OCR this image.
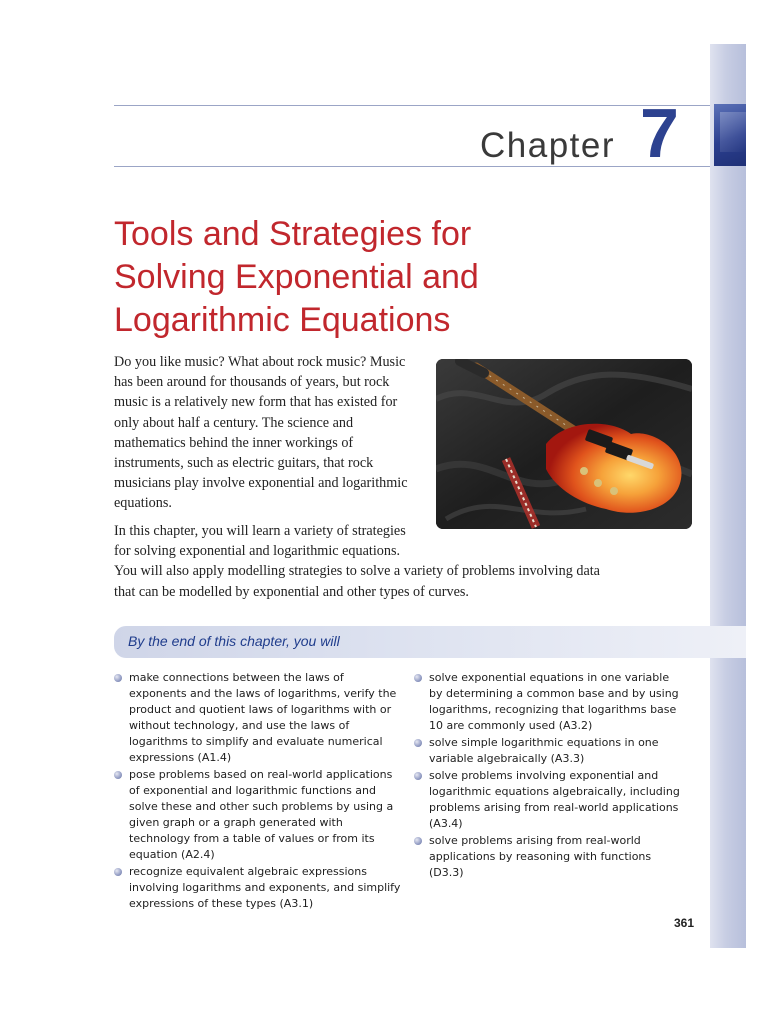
Chapter 7
Tools and Strategies for
Solving Exponential and
Logarithmic Equations

Do you like music? What about rock music? Music has been around for thousands of years, but rock music is a relatively new form that has existed for only about half a century. The science and mathematics behind the inner workings of instruments, such as electric guitars, that rock musicians play involve exponential and logarithmic equations.

In this chapter, you will learn a variety of strategies
for solving exponential and logarithmic equations.
You will also apply modelling strategies to solve a variety of problems involving data that can be modelled by exponential and other types of curves.

By the end of this chapter, you will
make connections between the laws of exponents and the laws of logarithms, verify the product and quotient laws of logarithms with or without technology, and use the laws of logarithms to simplify and evaluate numerical expressions (A1.4)
pose problems based on real-world applications of exponential and logarithmic functions and solve these and other such problems by using a given graph or a graph generated with technology from a table of values or from its equation (A2.4)
recognize equivalent algebraic expressions involving logarithms and exponents, and simplify expressions of these types (A3.1)
solve exponential equations in one variable by determining a common base and by using logarithms, recognizing that logarithms base 10 are commonly used (A3.2)
solve simple logarithmic equations in one variable algebraically (A3.3)
solve problems involving exponential and logarithmic equations algebraically, including problems arising from real-world applications (A3.4)
solve problems arising from real-world applications by reasoning with functions (D3.3)
361
